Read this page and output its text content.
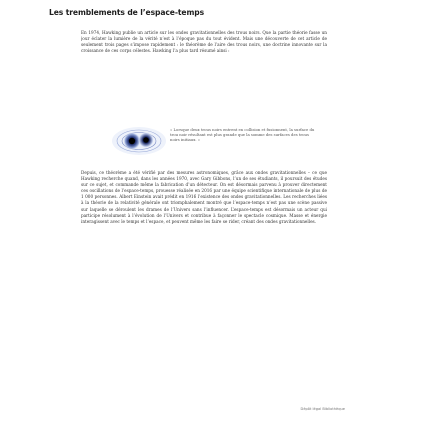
Les tremblements de l’espace-temps

En 1974, Hawking publie un article sur les ondes gravitationnelles des trous noirs. Que la partie théorie fasse un jour éclater la lumière de la vérité n’est à l’époque pas du tout évident. Mais une découverte de cet article de seulement trois pages s’impose rapidement : le théorème de l’aire des trous noirs, une doctrine innovante sur la croissance de ces corps célestes. Hawking l’a plus tard résumé ainsi :

« Lorsque deux trous noirs entrent en collision et fusionnent, la surface du trou noir résultant est plus grande que la somme des surfaces des trous noirs initiaux. »

Depuis, ce théorème a été vérifié par des mesures astronomiques, grâce aux ondes gravitationnelles – ce que Hawking recherche quand, dans les années 1970, avec Gary Gibbons, l’un de ses étudiants, il poursuit des études sur ce sujet, et commande même la fabrication d’un détecteur. On est désormais parvenu à prouver directement ces oscillations de l’espace-temps, prouesse réalisée en 2016 par une équipe scientifique internationale de plus de 1 000 personnes. Albert Einstein avait prédit en 1916 l’existence des ondes gravitationnelles. Les recherches liées à la théorie de la relativité générale ont triomphalement montré que l’espace-temps n’est pas une scène passive sur laquelle se déroulent les drames de l’Univers sans l’influencer. L’espace-temps est désormais un acteur qui participe résolument à l’évolution de l’Univers et contribue à façonner le spectacle cosmique. Masse et énergie interagissent avec le temps et l’espace, et peuvent même les faire se rider, créant des ondes gravitationnelles.

Dépôt légal Bibliothèque
